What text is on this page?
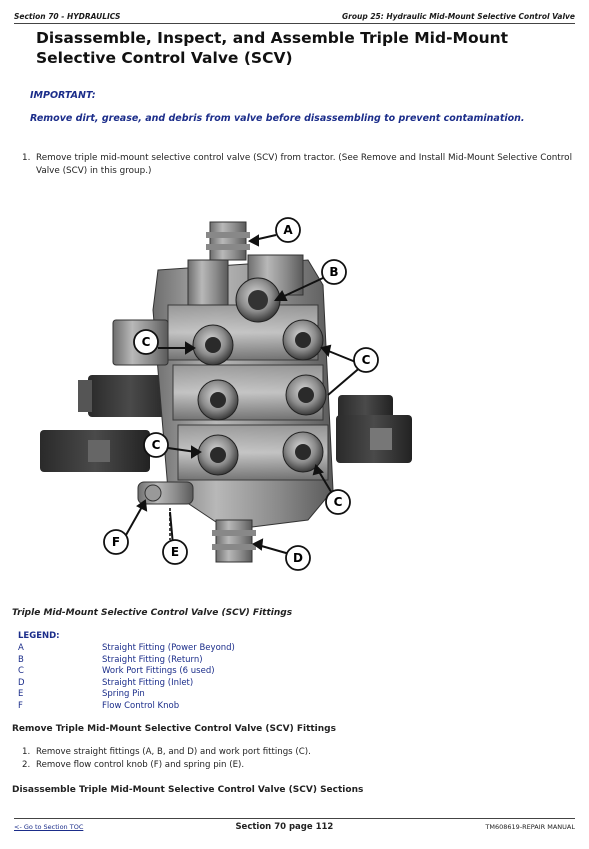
Section 70 - HYDRAULICS	Group 25: Hydraulic Mid-Mount Selective Control Valve
Disassemble, Inspect, and Assemble Triple Mid-Mount Selective Control Valve (SCV)
IMPORTANT:
Remove dirt, grease, and debris from valve before disassembling to prevent contamination.
1. Remove triple mid-mount selective control valve (SCV) from tractor. (See Remove and Install Mid-Mount Selective Control Valve (SCV) in this group.)
A
B
C
C
C
C
D
E
F
Triple Mid-Mount Selective Control Valve (SCV) Fittings
LEGEND:
A	Straight Fitting (Power Beyond)
B	Straight Fitting (Return)
C	Work Port Fittings (6 used)
D	Straight Fitting (Inlet)
E	Spring Pin
F	Flow Control Knob
Remove Triple Mid-Mount Selective Control Valve (SCV) Fittings
1. Remove straight fittings (A, B, and D) and work port fittings (C).
2. Remove flow control knob (F) and spring pin (E).
Disassemble Triple Mid-Mount Selective Control Valve (SCV) Sections
<- Go to Section TOC	Section 70 page 112	TM608619-REPAIR MANUAL
